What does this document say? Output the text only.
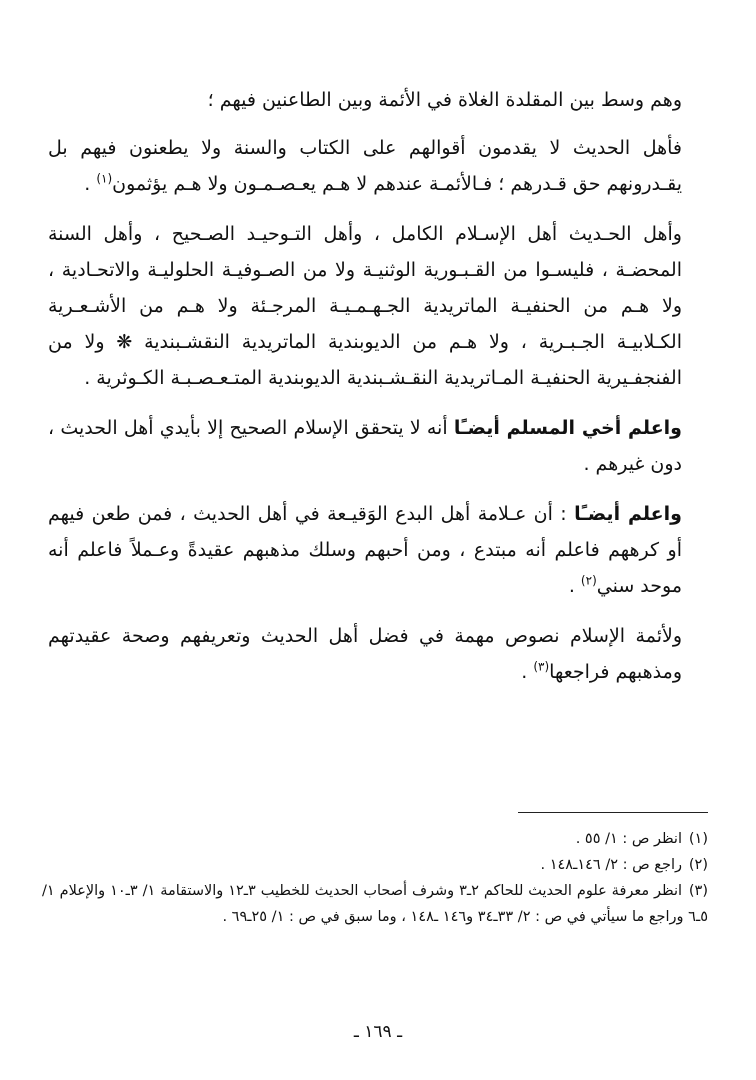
وهم وسط بين المقلدة الغلاة في الأئمة وبين الطاعنين فيهم ؛

فأهل الحديث لا يقدمون أقوالهم على الكتاب والسنة ولا يطعنون فيهم بل يقـدرونهم حق قـدرهم ؛ فـالأئمـة عندهم لا هـم يعـصـمـون ولا هـم يؤثمون$^{(١)}$ .

وأهل الحـديث أهل الإسـلام الكامل ، وأهل التـوحيـد الصـحيح ، وأهل السنة المحضـة ، فليسـوا من القـبـورية الوثنيـة ولا من الصـوفيـة الحلوليـة والاتحـادية ، ولا هـم من الحنفيـة الماتريدية الجـهـمـيـة المرجـئة ولا هـم من الأشـعـرية الكـلابيـة الجـبـرية ، ولا هـم من الديوبندية الماتريدية النقشـبندية ❋ ولا من الفنجفـيرية الحنفيـة المـاتريدية النقـشـبندية الديوبندية المتـعـصـبـة الكـوثرية .

واعلم أخي المسلم أيضـًا أنه لا يتحقق الإسلام الصحيح إلا بأيدي أهل الحديث ، دون غيرهم .

واعلم أيضـًا : أن عـلامة أهل البدع الوَقيـعة في أهل الحديث ، فمن طعن فيهم أو كرههم فاعلم أنه مبتدع ، ومن أحبهم وسلك مذهبهم عقيدةً وعـملاً فاعلم أنه موحد سني$^{(٢)}$ .

ولأئمة الإسلام نصوص مهمة في فضل أهل الحديث وتعريفهم وصحة عقيدتهم ومذهبهم فراجعها$^{(٣)}$ .

(١)انظر ص : ١/ ٥٥ .

(٢)راجع ص : ٢/ ١٤٦ـ١٤٨ .

(٣)انظر معرفة علوم الحديث للحاكم ٢ـ٣ وشرف أصحاب الحديث للخطيب ٣ـ١٢ والاستقامة ١/ ٣ـ١٠ والإعلام ١/ ٥ـ٦ وراجع ما سيأتي في ص : ٢/ ٣٣ـ٣٤ و١٤٦ ـ١٤٨ ، وما سبق في ص : ١/ ٢٥ـ٦٩ .

ـ ١٦٩ ـ
